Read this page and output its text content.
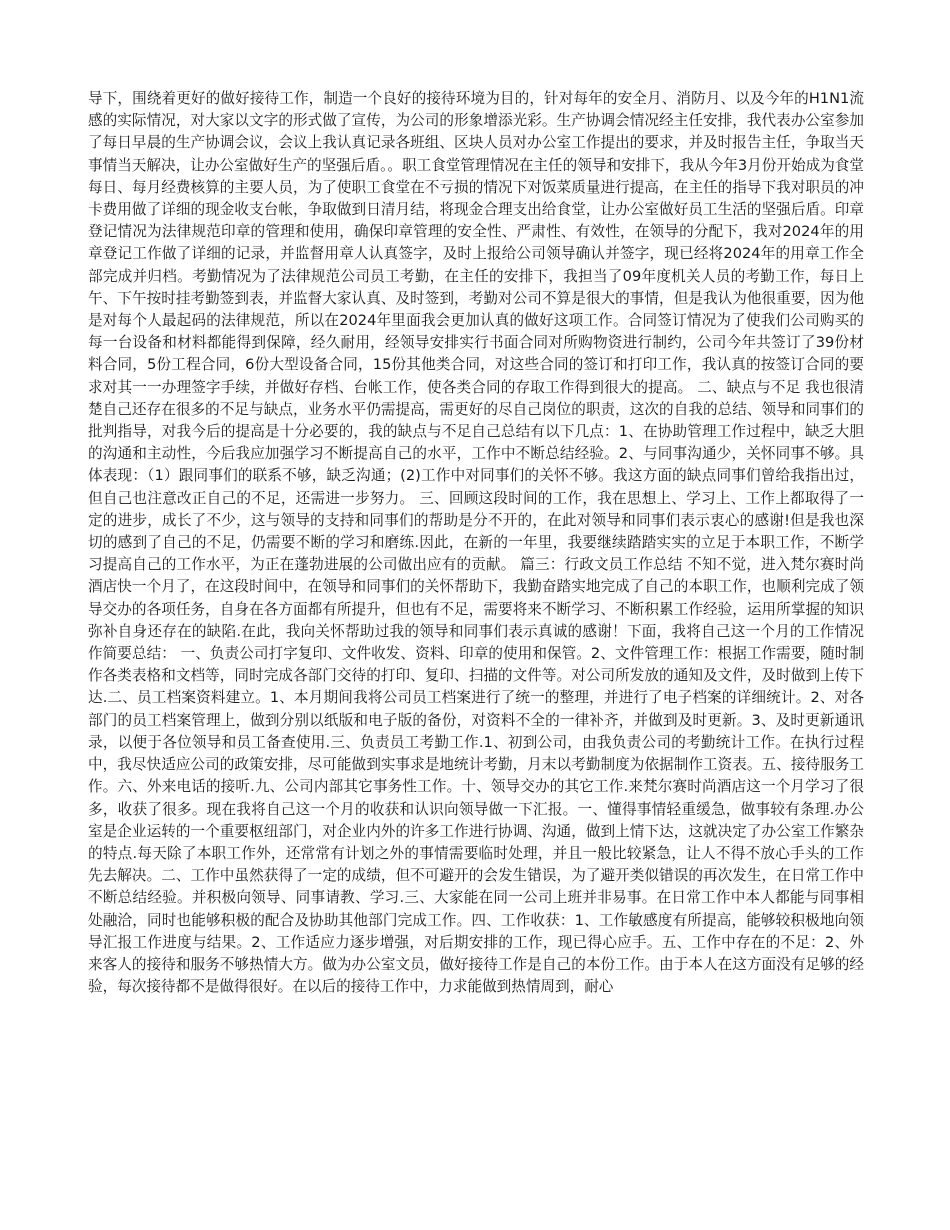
导下，围绕着更好的做好接待工作，制造一个良好的接待环境为目的，针对每年的安全月、消防月、以及今年的H1N1流感的实际情况，对大家以文字的形式做了宣传，为公司的形象增添光彩。生产协调会情况经主任安排，我代表办公室参加了每日早晨的生产协调会议，会议上我认真记录各班组、区块人员对办公室工作提出的要求，并及时报告主任，争取当天事情当天解决，让办公室做好生产的坚强后盾。。职工食堂管理情况在主任的领导和安排下，我从今年3月份开始成为食堂每日、每月经费核算的主要人员，为了使职工食堂在不亏损的情况下对饭菜质量进行提高，在主任的指导下我对职员的冲卡费用做了详细的现金收支台帐，争取做到日清月结，将现金合理支出给食堂，让办公室做好员工生活的坚强后盾。印章登记情况为法律规范印章的管理和使用，确保印章管理的安全性、严肃性、有效性，在领导的分配下，我对2024年的用章登记工作做了详细的记录，并监督用章人认真签字，及时上报给公司领导确认并签字，现已经将2024年的用章工作全部完成并归档。考勤情况为了法律规范公司员工考勤，在主任的安排下，我担当了09年度机关人员的考勤工作，每日上午、下午按时挂考勤签到表，并监督大家认真、及时签到，考勤对公司不算是很大的事情，但是我认为他很重要，因为他是对每个人最起码的法律规范，所以在2024年里面我会更加认真的做好这项工作。合同签订情况为了使我们公司购买的每一台设备和材料都能得到保障，经久耐用，经领导安排实行书面合同对所购物资进行制约，公司今年共签订了39份材料合同，5份工程合同，6份大型设备合同，15份其他类合同，对这些合同的签订和打印工作，我认真的按签订合同的要求对其一一办理签字手续，并做好存档、台帐工作，使各类合同的存取工作得到很大的提高。 二、缺点与不足 我也很清楚自己还存在很多的不足与缺点，业务水平仍需提高，需更好的尽自己岗位的职责，这次的自我的总结、领导和同事们的批判指导，对我今后的提高是十分必要的，我的缺点与不足自己总结有以下几点：1、在协助管理工作过程中，缺乏大胆的沟通和主动性，今后我应加强学习不断提高自己的水平，工作中不断总结经验。2、与同事沟通少，关怀同事不够。具体表现：（1）跟同事们的联系不够，缺乏沟通；(2)工作中对同事们的关怀不够。我这方面的缺点同事们曾给我指出过，但自己也注意改正自己的不足，还需进一步努力。 三、回顾这段时间的工作，我在思想上、学习上、工作上都取得了一定的进步，成长了不少，这与领导的支持和同事们的帮助是分不开的，在此对领导和同事们表示衷心的感谢!但是我也深切的感到了自己的不足，仍需要不断的学习和磨练.因此，在新的一年里，我要继续踏踏实实的立足于本职工作，不断学习提高自己的工作水平，为正在蓬勃进展的公司做出应有的贡献。 篇三：行政文员工作总结 不知不觉，进入梵尔赛时尚酒店快一个月了，在这段时间中，在领导和同事们的关怀帮助下，我勤奋踏实地完成了自己的本职工作，也顺利完成了领导交办的各项任务，自身在各方面都有所提升，但也有不足，需要将来不断学习、不断积累工作经验，运用所掌握的知识弥补自身还存在的缺陷.在此，我向关怀帮助过我的领导和同事们表示真诚的感谢！下面，我将自己这一个月的工作情况作简要总结： 一、负责公司打字复印、文件收发、资料、印章的使用和保管。2、文件管理工作：根据工作需要，随时制作各类表格和文档等，同时完成各部门交待的打印、复印、扫描的文件等。对公司所发放的通知及文件，及时做到上传下达.二、员工档案资料建立。1、本月期间我将公司员工档案进行了统一的整理，并进行了电子档案的详细统计。2、对各部门的员工档案管理上，做到分别以纸版和电子版的备份，对资料不全的一律补齐，并做到及时更新。3、及时更新通讯录，以便于各位领导和员工备查使用.三、负责员工考勤工作.1、初到公司，由我负责公司的考勤统计工作。在执行过程中，我尽快适应公司的政策安排，尽可能做到实事求是地统计考勤，月末以考勤制度为依据制作工资表。五、接待服务工作。六、外来电话的接听.九、公司内部其它事务性工作。十、领导交办的其它工作.来梵尔赛时尚酒店这一个月学习了很多，收获了很多。现在我将自己这一个月的收获和认识向领导做一下汇报。一、懂得事情轻重缓急，做事较有条理.办公室是企业运转的一个重要枢纽部门，对企业内外的许多工作进行协调、沟通，做到上情下达，这就决定了办公室工作繁杂的特点.每天除了本职工作外，还常常有计划之外的事情需要临时处理，并且一般比较紧急，让人不得不放心手头的工作先去解决。二、工作中虽然获得了一定的成绩，但不可避开的会发生错误，为了避开类似错误的再次发生，在日常工作中不断总结经验。并积极向领导、同事请教、学习.三、大家能在同一公司上班并非易事。在日常工作中本人都能与同事相处融洽，同时也能够积极的配合及协助其他部门完成工作。四、工作收获：1、工作敏感度有所提高，能够较积极地向领导汇报工作进度与结果。2、工作适应力逐步增强，对后期安排的工作，现已得心应手。五、工作中存在的不足：2、外来客人的接待和服务不够热情大方。做为办公室文员，做好接待工作是自己的本份工作。由于本人在这方面没有足够的经验，每次接待都不是做得很好。在以后的接待工作中，力求能做到热情周到，耐心
